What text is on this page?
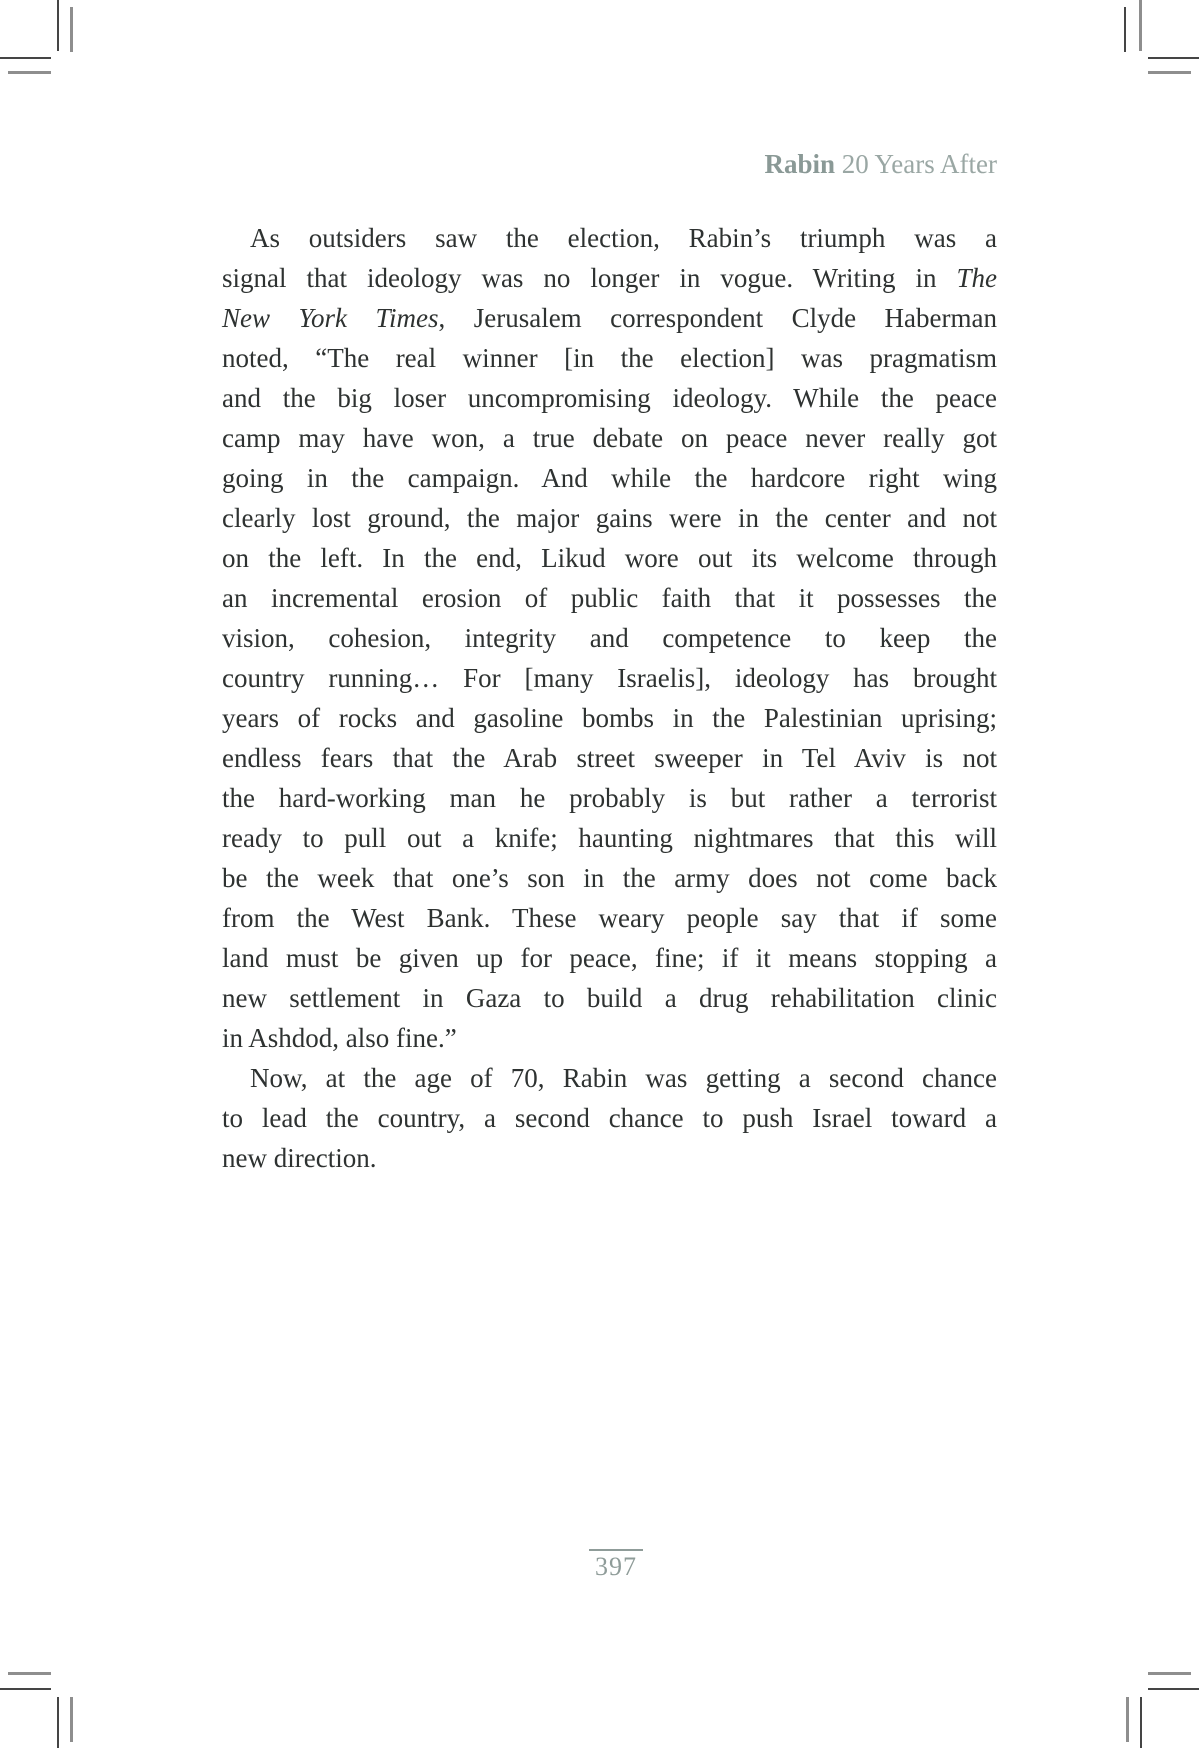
Rabin 20 Years After
As outsiders saw the election, Rabin’s triumph was a
signal that ideology was no longer in vogue. Writing in The
New York Times, Jerusalem correspondent Clyde Haberman
noted, “The real winner [in the election] was pragmatism
and the big loser uncompromising ideology. While the peace
camp may have won, a true debate on peace never really got
going in the campaign. And while the hardcore right wing
clearly lost ground, the major gains were in the center and not
on the left. In the end, Likud wore out its welcome through
an incremental erosion of public faith that it possesses the
vision, cohesion, integrity and competence to keep the
country running… For [many Israelis], ideology has brought
years of rocks and gasoline bombs in the Palestinian uprising;
endless fears that the Arab street sweeper in Tel Aviv is not
the hard-working man he probably is but rather a terrorist
ready to pull out a knife; haunting nightmares that this will
be the week that one’s son in the army does not come back
from the West Bank. These weary people say that if some
land must be given up for peace, fine; if it means stopping a
new settlement in Gaza to build a drug rehabilitation clinic
in Ashdod, also fine.”
Now, at the age of 70, Rabin was getting a second chance
to lead the country, a second chance to push Israel toward a
new direction.
397
